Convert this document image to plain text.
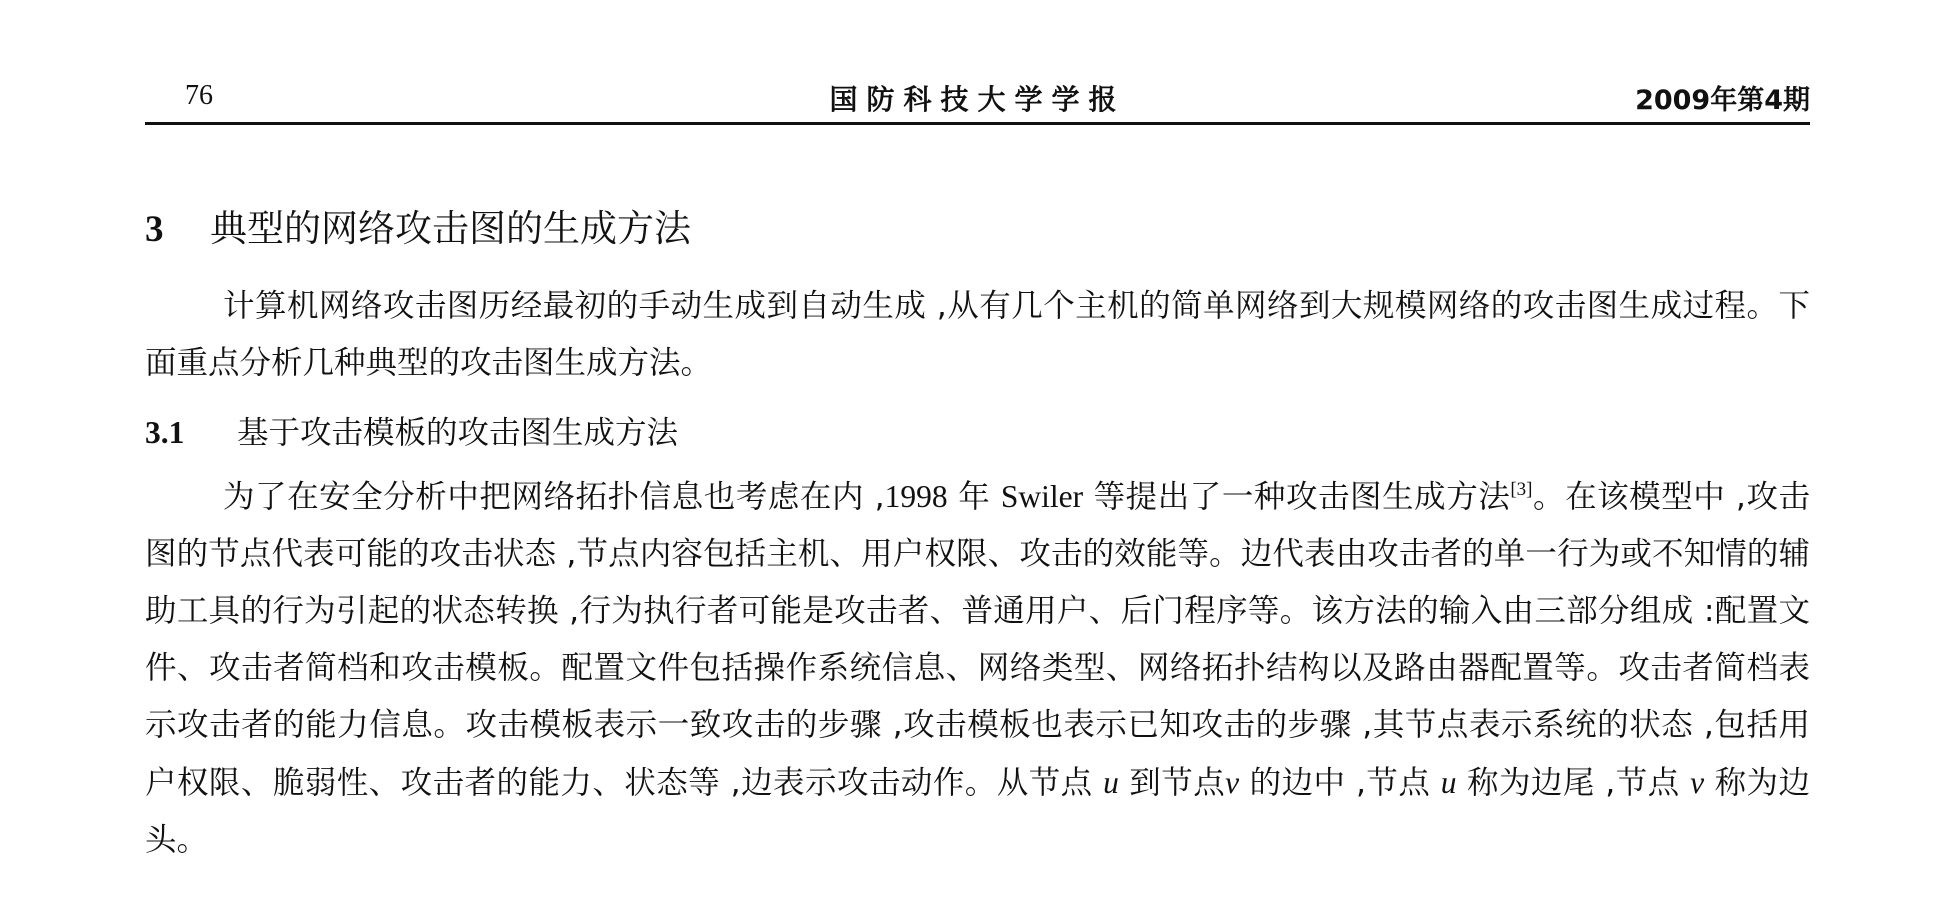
76	国防科技大学学报	2009年第4期
3 典型的网络攻击图的生成方法

计算机网络攻击图历经最初的手动生成到自动生成 ,从有几个主机的简单网络到大规模网络的攻击图生成过程。下面重点分析几种典型的攻击图生成方法。

3.1 基于攻击模板的攻击图生成方法

为了在安全分析中把网络拓扑信息也考虑在内 ,1998 年 Swiler 等提出了一种攻击图生成方法[3]。在该模型中 ,攻击图的节点代表可能的攻击状态 ,节点内容包括主机、用户权限、攻击的效能等。边代表由攻击者的单一行为或不知情的辅助工具的行为引起的状态转换 ,行为执行者可能是攻击者、普通用户、后门程序等。该方法的输入由三部分组成 :配置文件、攻击者简档和攻击模板。配置文件包括操作系统信息、网络类型、网络拓扑结构以及路由器配置等。攻击者简档表示攻击者的能力信息。攻击模板表示一致攻击的步骤 ,攻击模板也表示已知攻击的步骤 ,其节点表示系统的状态 ,包括用户权限、脆弱性、攻击者的能力、状态等 ,边表示攻击动作。从节点 u 到节点v 的边中 ,节点 u 称为边尾 ,节点 v 称为边头。
